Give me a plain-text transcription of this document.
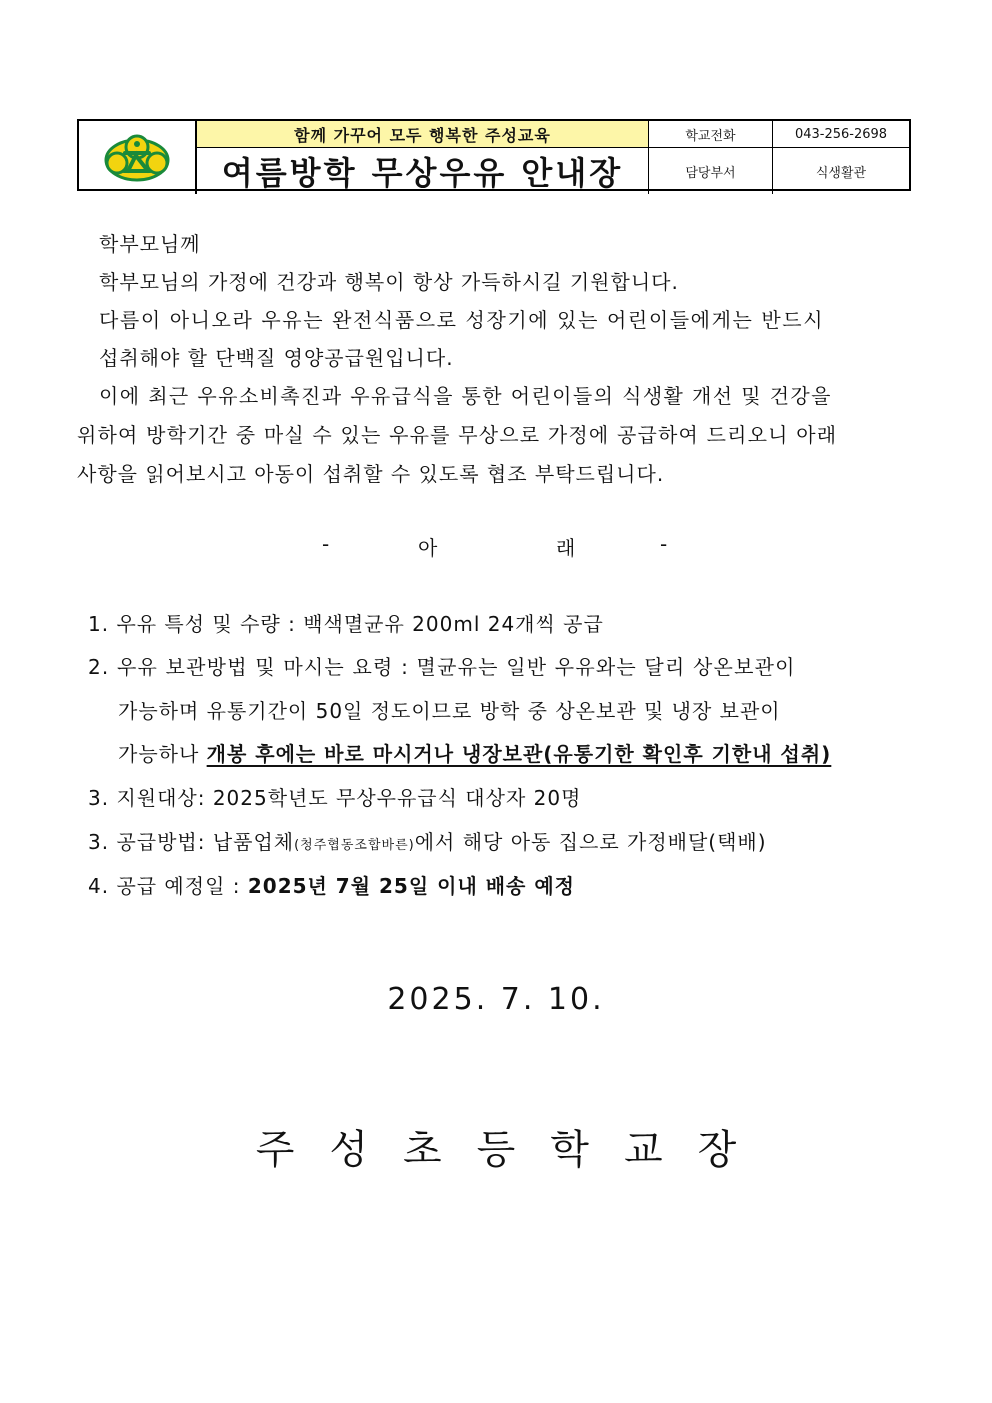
함께 가꾸어 모두 행복한 주성교육	학교전화	043-256-2698
여름방학 무상우유 안내장	담당부서	식생활관
학부모님께
학부모님의 가정에 건강과 행복이 항상 가득하시길 기원합니다.
다름이 아니오라 우유는 완전식품으로 성장기에 있는 어린이들에게는 반드시
섭취해야 할 단백질 영양공급원입니다.
이에 최근 우유소비촉진과 우유급식을 통한 어린이들의 식생활 개선 및 건강을
위하여 방학기간 중 마실 수 있는 우유를 무상으로 가정에 공급하여 드리오니 아래
사항을 읽어보시고 아동이 섭취할 수 있도록 협조 부탁드립니다.
-	아	래	-
1. 우유 특성 및 수량 : 백색멸균유 200ml 24개씩 공급
2. 우유 보관방법 및 마시는 요령 : 멸균유는 일반 우유와는 달리 상온보관이
가능하며 유통기간이 50일 정도이므로 방학 중 상온보관 및 냉장 보관이
가능하나 개봉 후에는 바로 마시거나 냉장보관(유통기한 확인후 기한내 섭취)
3. 지원대상: 2025학년도 무상우유급식 대상자 20명
3. 공급방법: 납품업체(청주협동조합바른)에서 해당 아동 집으로 가정배달(택배)
4. 공급 예정일 : 2025년 7월 25일 이내 배송 예정
2025. 7. 10.
주성초등학교장
